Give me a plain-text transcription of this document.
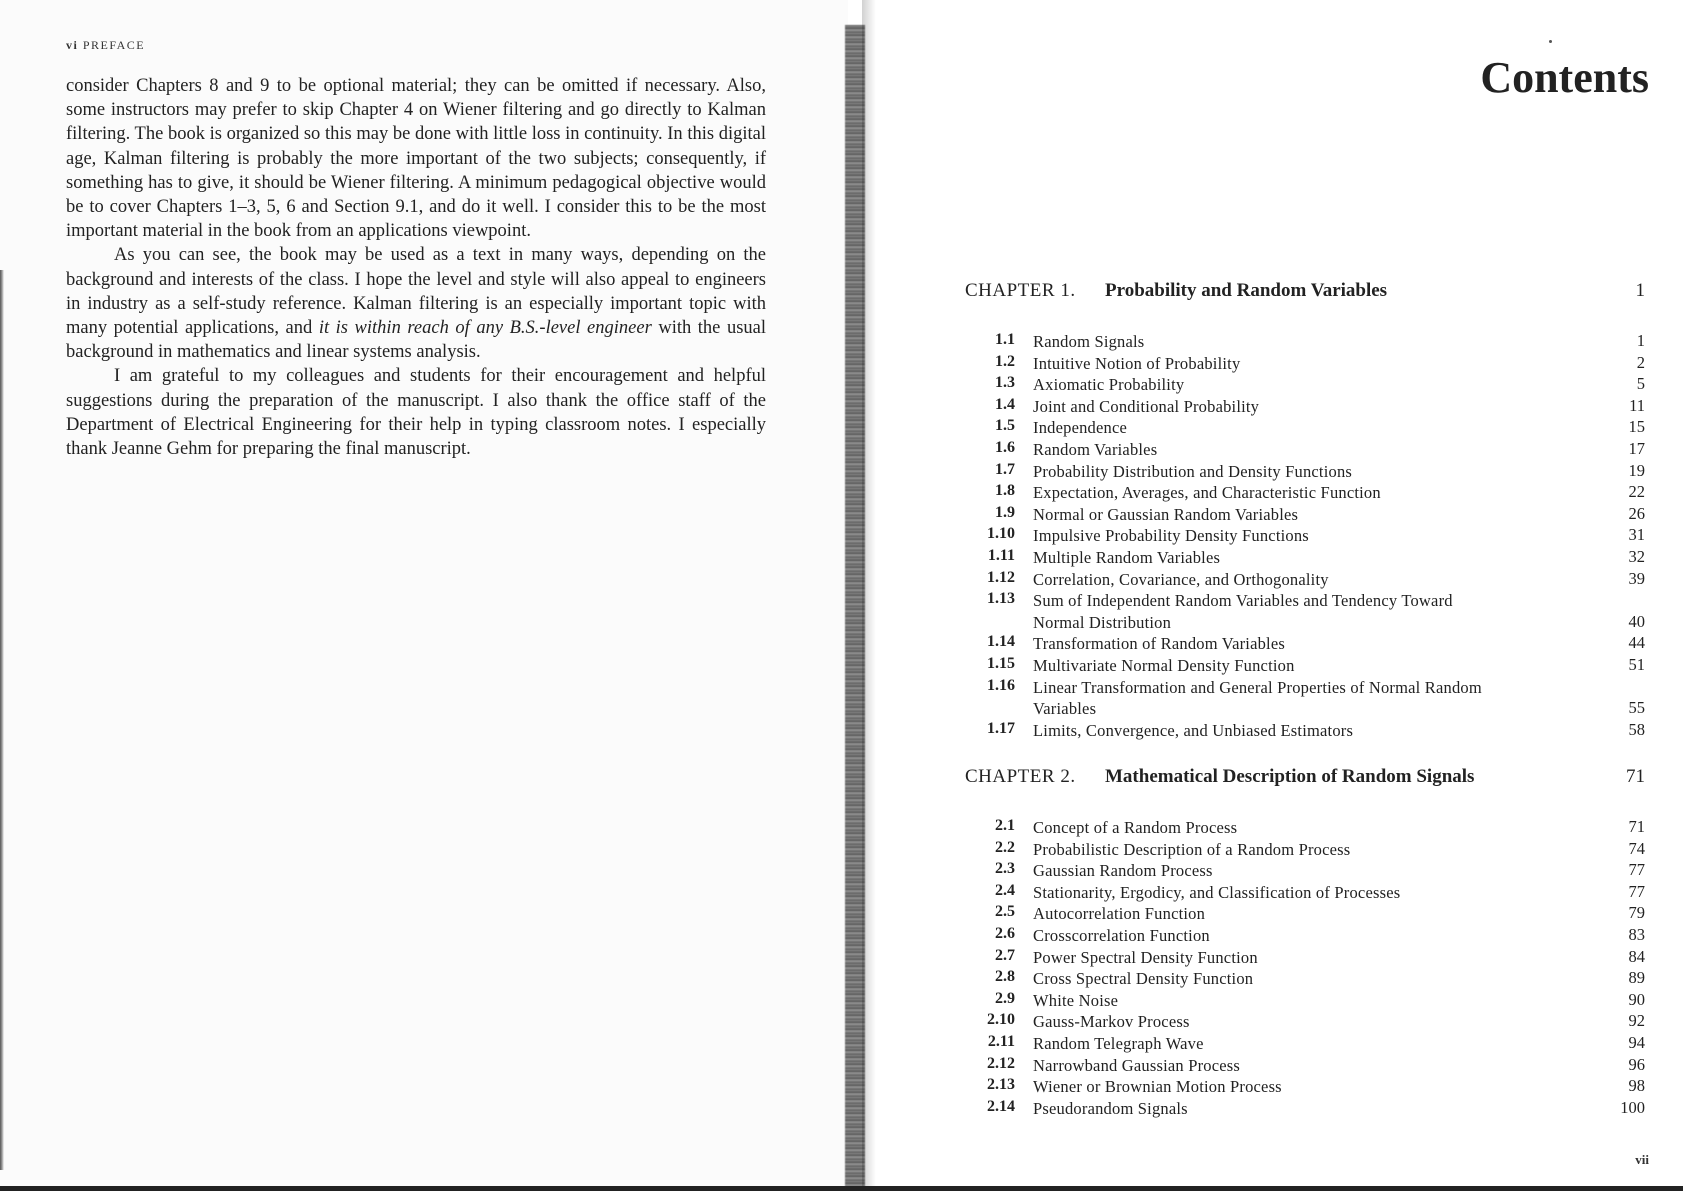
vi PREFACE

consider Chapters 8 and 9 to be optional material; they can be omitted if necessary. Also, some instructors may prefer to skip Chapter 4 on Wiener filtering and go directly to Kalman filtering. The book is organized so this may be done with little loss in continuity. In this digital age, Kalman filtering is probably the more important of the two subjects; consequently, if something has to give, it should be Wiener filtering. A minimum pedagogical objective would be to cover Chapters 1–3, 5, 6 and Section 9.1, and do it well. I consider this to be the most important material in the book from an applications viewpoint.

As you can see, the book may be used as a text in many ways, depending on the background and interests of the class. I hope the level and style will also appeal to engineers in industry as a self-study reference. Kalman filtering is an especially important topic with many potential applications, and it is within reach of any B.S.-level engineer with the usual background in mathematics and linear systems analysis.

I am grateful to my colleagues and students for their encouragement and helpful suggestions during the preparation of the manuscript. I also thank the office staff of the Department of Electrical Engineering for their help in typing classroom notes. I especially thank Jeanne Gehm for preparing the final manuscript.

Contents
CHAPTER 1. Probability and Random Variables	1
1.1 Random Signals	1
1.2 Intuitive Notion of Probability	2
1.3 Axiomatic Probability	5
1.4 Joint and Conditional Probability	11
1.5 Independence	15
1.6 Random Variables	17
1.7 Probability Distribution and Density Functions	19
1.8 Expectation, Averages, and Characteristic Function	22
1.9 Normal or Gaussian Random Variables	26
1.10 Impulsive Probability Density Functions	31
1.11 Multiple Random Variables	32
1.12 Correlation, Covariance, and Orthogonality	39
1.13 Sum of Independent Random Variables and Tendency Toward
Normal Distribution	40
1.14 Transformation of Random Variables	44
1.15 Multivariate Normal Density Function	51
1.16 Linear Transformation and General Properties of Normal Random
Variables	55
1.17 Limits, Convergence, and Unbiased Estimators	58
CHAPTER 2. Mathematical Description of Random Signals	71
2.1 Concept of a Random Process	71
2.2 Probabilistic Description of a Random Process	74
2.3 Gaussian Random Process	77
2.4 Stationarity, Ergodicy, and Classification of Processes	77
2.5 Autocorrelation Function	79
2.6 Crosscorrelation Function	83
2.7 Power Spectral Density Function	84
2.8 Cross Spectral Density Function	89
2.9 White Noise	90
2.10 Gauss-Markov Process	92
2.11 Random Telegraph Wave	94
2.12 Narrowband Gaussian Process	96
2.13 Wiener or Brownian Motion Process	98
2.14 Pseudorandom Signals	100
vii
